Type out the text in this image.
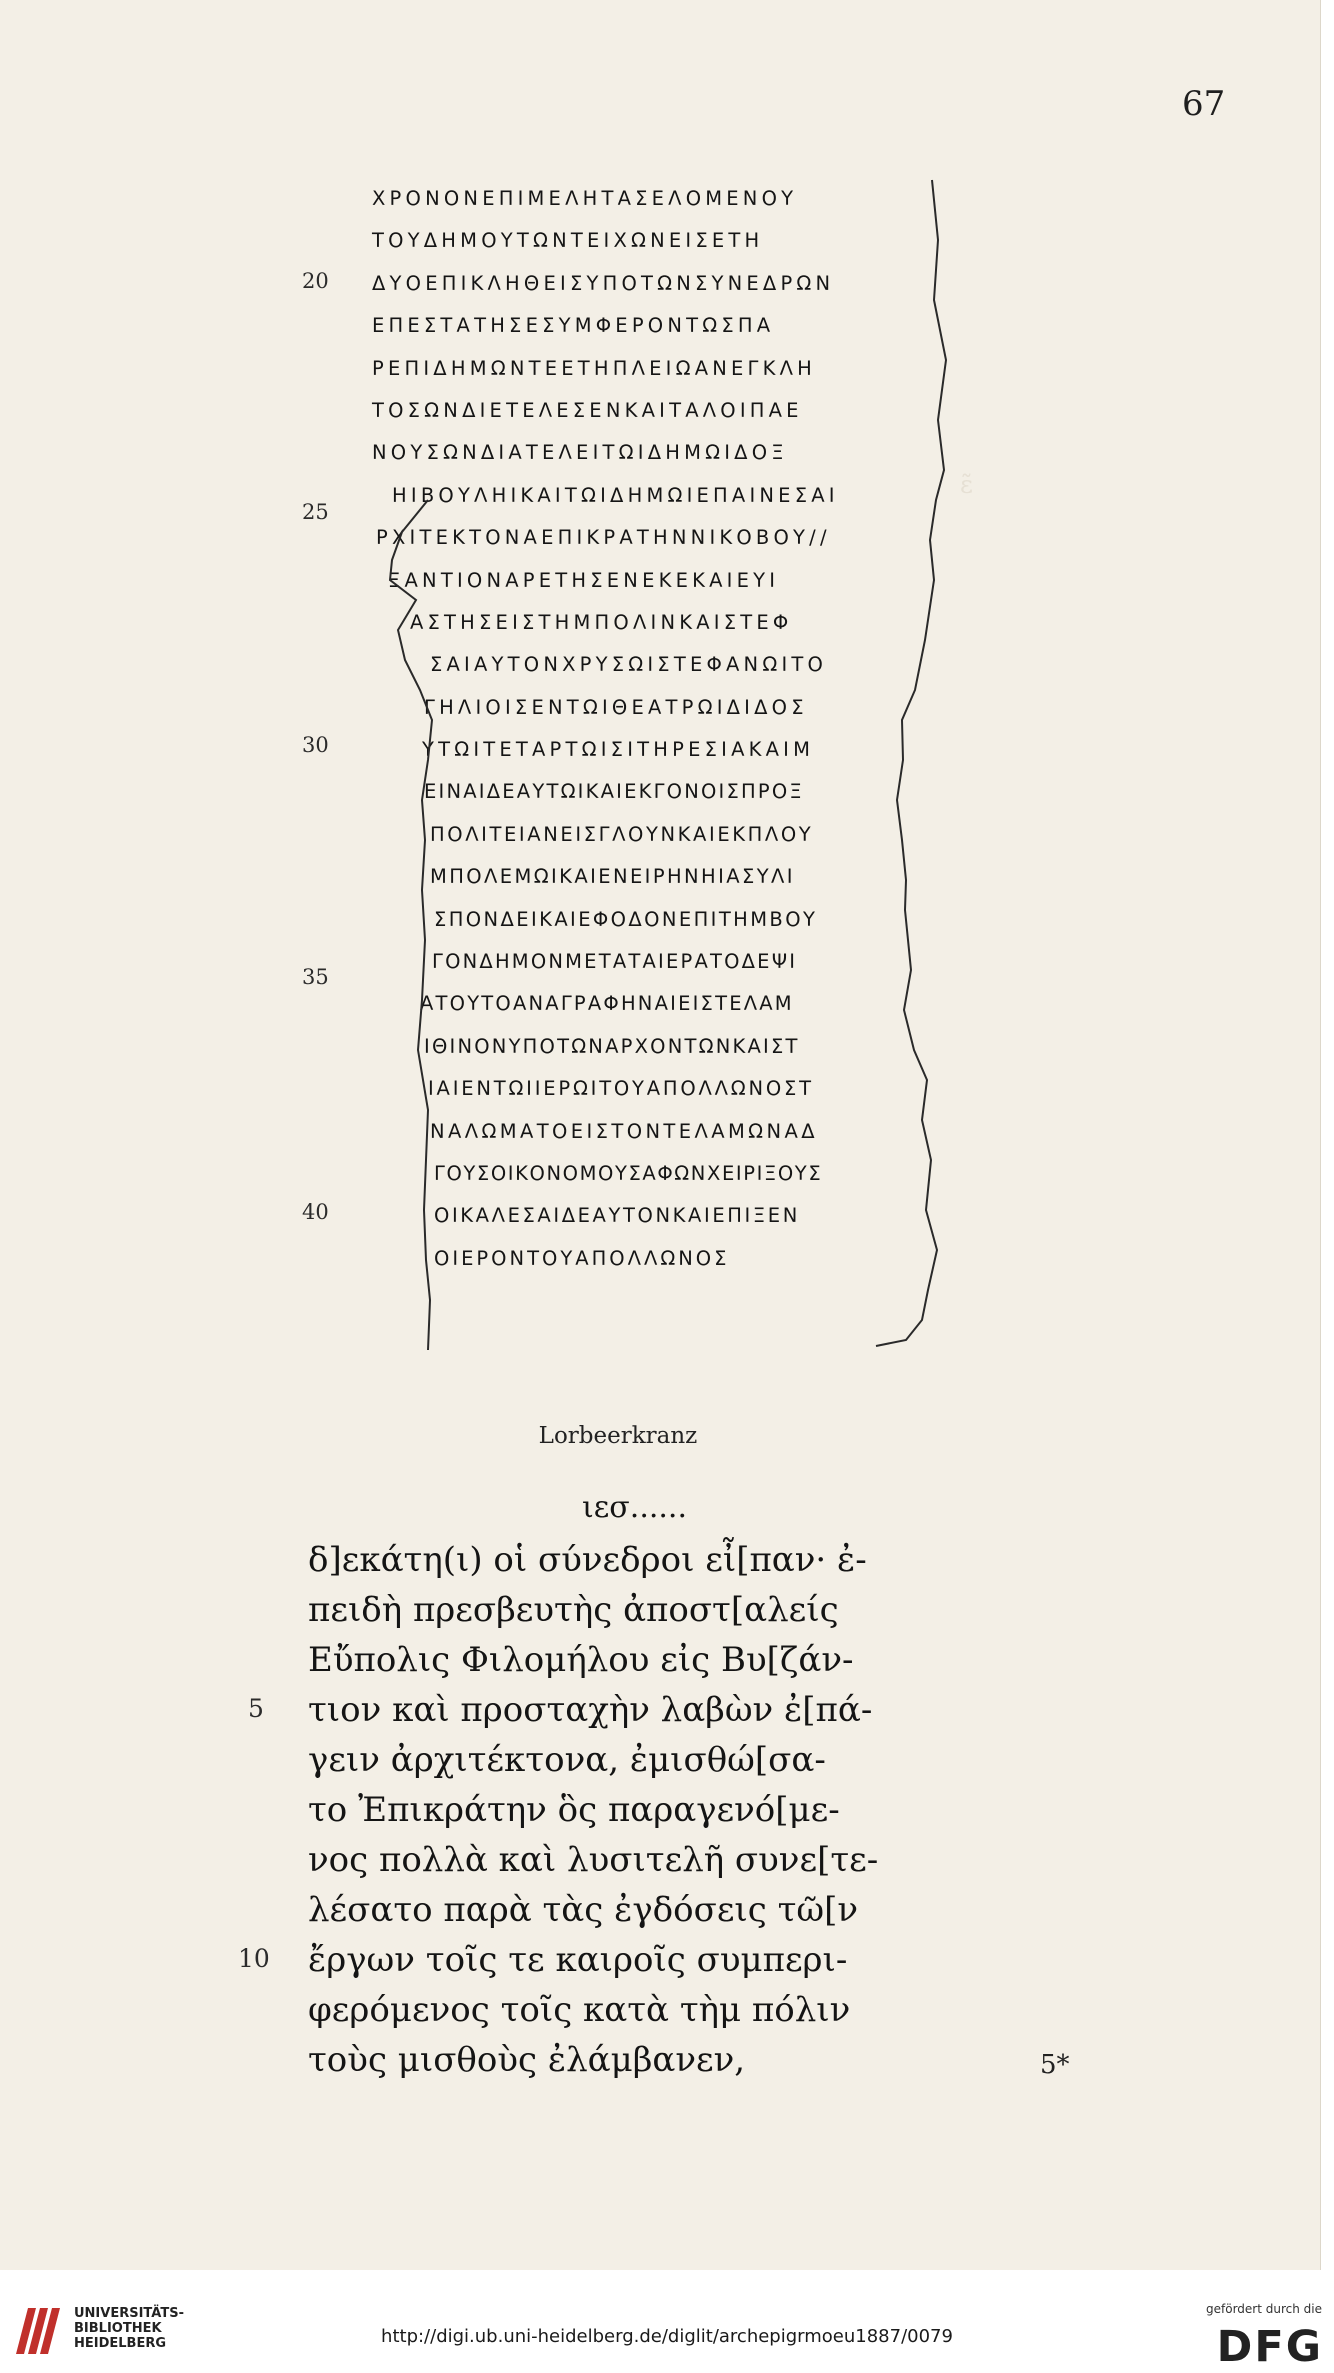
67
ɛ̃
ΧΡΟΝΟΝΕΠΙΜΕΛΗΤΑΣΕΛΟΜΕΝΟΥ
ΤΟΥΔΗΜΟΥΤΩΝΤΕΙΧΩΝΕΙΣΕΤΗ
ΔΥΟΕΠΙΚΛΗΘΕΙΣΥΠΟΤΩΝΣΥΝΕΔΡΩΝ
ΕΠΕΣΤΑΤΗΣΕΣΥΜΦΕΡΟΝΤΩΣΠΑ
ΡΕΠΙΔΗΜΩΝΤΕΕΤΗΠΛΕΙΩΑΝΕΓΚΛΗ
ΤΟΣΩΝΔΙΕΤΕΛΕΣΕΝΚΑΙΤΑΛΟΙΠΑΕ
ΝΟΥΣΩΝΔΙΑΤΕΛΕΙΤΩΙΔΗΜΩΙΔΟΞ
ΗΙΒΟΥΛΗΙΚΑΙΤΩΙΔΗΜΩΙΕΠΑΙΝΕΣΑΙ
ΡΧΙΤΕΚΤΟΝΑΕΠΙΚΡΑΤΗΝΝΙΚΟΒΟΥ//
ΞΑΝΤΙΟΝΑΡΕΤΗΣΕΝΕΚΕΚΑΙΕΥΙ
ΑΣΤΗΣΕΙΣΤΗΜΠΟΛΙΝΚΑΙΣΤΕΦ
ΣΑΙΑΥΤΟΝΧΡΥΣΩΙΣΤΕΦΑΝΩΙΤΟ
ΓΗΛΙΟΙΣΕΝΤΩΙΘΕΑΤΡΩΙΔΙΔΟΣ
ΥΤΩΙΤΕΤΑΡΤΩΙΣΙΤΗΡΕΣΙΑΚΑΙΜ
ΕΙΝΑΙΔΕΑΥΤΩΙΚΑΙΕΚΓΟΝΟΙΣΠΡΟΞ
ΠΟΛΙΤΕΙΑΝΕΙΣΓΛΟΥΝΚΑΙΕΚΠΛΟΥ
ΜΠΟΛΕΜΩΙΚΑΙΕΝΕΙΡΗΝΗΙΑΣΥΛΙ
ΣΠΟΝΔΕΙΚΑΙΕΦΟΔΟΝΕΠΙΤΗΜΒΟΥ
ΓΟΝΔΗΜΟΝΜΕΤΑΤΑΙΕΡΑΤΟΔΕΨΙ
ΑΤΟΥΤΟΑΝΑΓΡΑΦΗΝΑΙΕΙΣΤΕΛΑΜ
ΙΘΙΝΟΝΥΠΟΤΩΝΑΡΧΟΝΤΩΝΚΑΙΣΤ
ΙΑΙΕΝΤΩΙΙΕΡΩΙΤΟΥΑΠΟΛΛΩΝΟΣΤ
ΝΑΛΩΜΑΤΟΕΙΣΤΟΝΤΕΛΑΜΩΝΑΔ
ΓΟΥΣΟΙΚΟΝΟΜΟΥΣΑΦΩΝΧΕΙΡΙΞΟΥΣ
ΟΙΚΑΛΕΣΑΙΔΕΑΥΤΟΝΚΑΙΕΠΙΞΕΝ
ΟΙΕΡΟΝΤΟΥΑΠΟΛΛΩΝΟΣ
20
25
30
35
40
Lorbeerkranz
ιεσ......
δ]εκάτη(ι) οἱ σύνεδροι εἶ[παν· ἐ-
πειδὴ πρεσβευτὴς ἀποστ[αλείς
Εὔπολις Φιλομήλου εἰς Βυ[ζάν-
τιον καὶ προσταχὴν λαβὼν ἐ[πά-
γειν ἀρχιτέκτονα, ἐμισθώ[σα-
το Ἐπικράτην ὃς παραγενό[με-
νος πολλὰ καὶ λυσιτελῆ συνε[τε-
λέσατο παρὰ τὰς ἐγδόσεις τῶ[ν
ἔργων τοῖς τε καιροῖς συμπερι-
φερόμενος τοῖς κατὰ τὴμ πόλιν
τοὺς μισθοὺς ἐλάμβανεν,
5
10
5*
UNIVERSITÄTS-
BIBLIOTHEK
HEIDELBERG	http://digi.ub.uni-heidelberg.de/diglit/archepigrmoeu1887/0079
gefördert durch die
DFG
